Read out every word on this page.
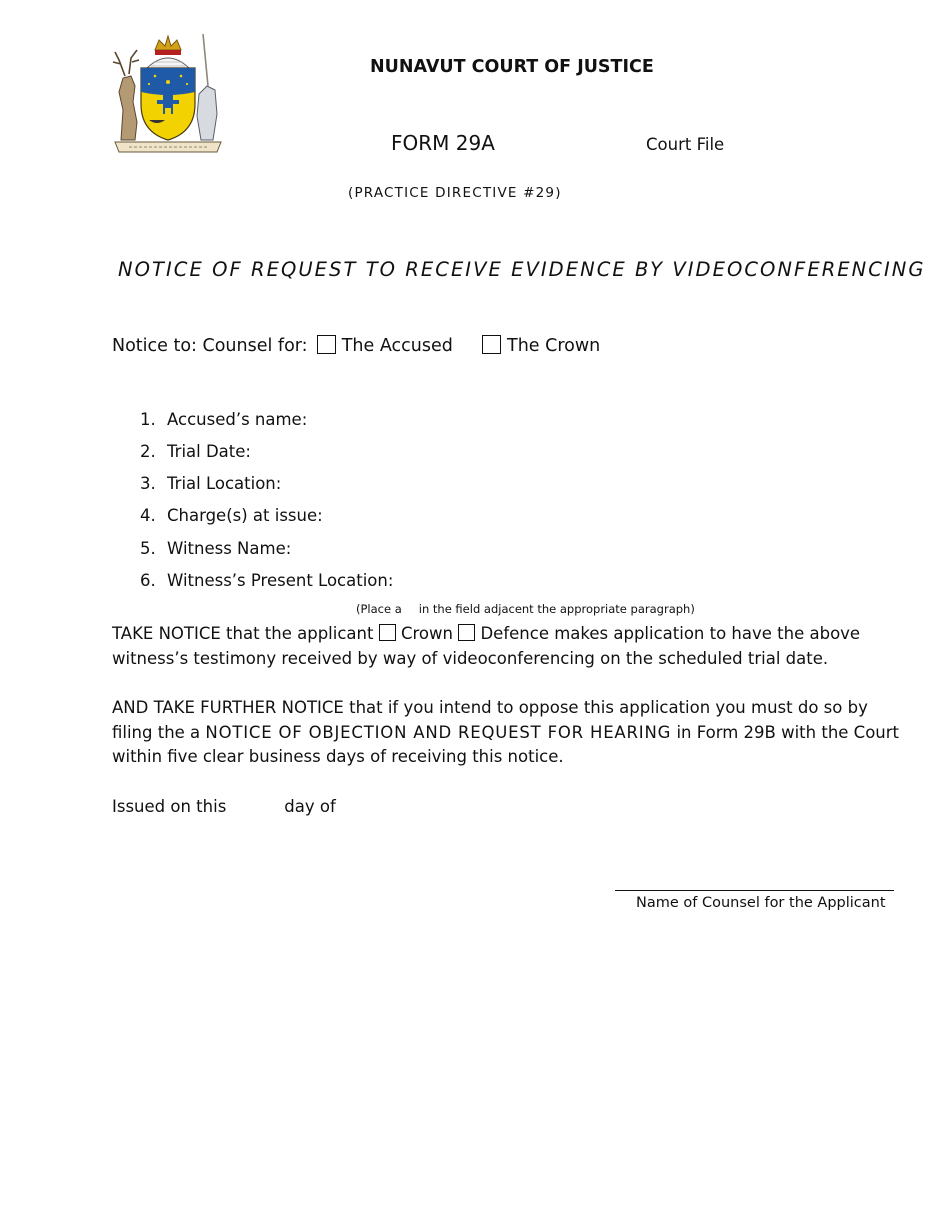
NUNAVUT COURT OF JUSTICE
FORM 29A	Court File
(PRACTICE DIRECTIVE #29)
NOTICE OF REQUEST TO RECEIVE EVIDENCE BY VIDEOCONFERENCING
Notice to: Counsel for: The Accused	The Crown
1. Accused’s name:
2. Trial Date:
3. Trial Location:
4. Charge(s) at issue:
5. Witness Name:
6. Witness’s Present Location:
(Place a in the field adjacent the appropriate paragraph)
TAKE NOTICE that the applicant Crown Defence makes application to have the above witness’s testimony received by way of videoconferencing on the scheduled trial date.
AND TAKE FURTHER NOTICE that if you intend to oppose this application you must do so by filing the a NOTICE OF OBJECTION AND REQUEST FOR HEARING in Form 29B with the Court within five clear business days of receiving this notice.
Issued on this	day of
Name of Counsel for the Applicant
